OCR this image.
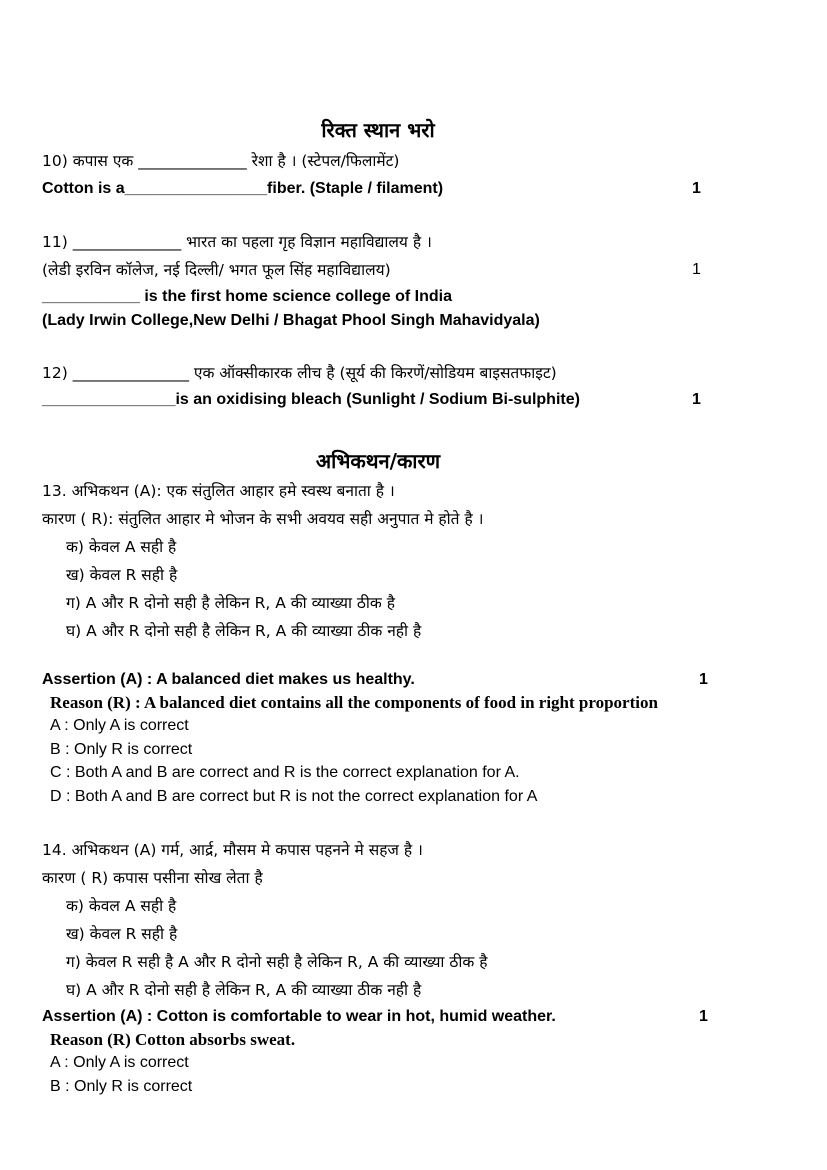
रिक्त स्थान भरो
10) कपास एक ______________ रेशा है । (स्टेपल/फिलामेंट)
Cotton is a________________fiber. (Staple / filament)	1
11) ______________ भारत का पहला गृह विज्ञान महाविद्यालय है ।
(लेडी इरविन कॉलेज, नई दिल्ली/ भगत फूल सिंह महाविद्यालय)	1
___________ is the first home science college of India
(Lady Irwin College,New Delhi / Bhagat Phool Singh Mahavidyala)
12) _______________ एक ऑक्सीकारक लीच है (सूर्य की किरणें/सोडियम बाइसतफाइट)
_______________is an oxidising bleach (Sunlight / Sodium Bi-sulphite)	1
अभिकथन/कारण
13. अभिकथन (A): एक संतुलित आहार हमे स्वस्थ बनाता है ।
कारण ( R): संतुलित आहार मे भोजन के सभी अवयव सही अनुपात मे होते है ।
क) केवल A सही है
ख) केवल R सही है
ग) A और R दोनो सही है लेकिन R, A की व्याख्या ठीक है
घ) A और R दोनो सही है लेकिन R, A की व्याख्या ठीक नही है
Assertion (A) : A balanced diet makes us healthy.	1
Reason (R) : A balanced diet contains all the components of food in right proportion
A : Only A is correct
B : Only R is correct
C : Both A and B are correct and R is the correct explanation for A.
D : Both A and B are correct but R is not the correct explanation for A
14. अभिकथन (A) गर्म, आर्द्र, मौसम मे कपास पहनने मे सहज है ।
कारण ( R) कपास पसीना सोख लेता है
क) केवल A सही है
ख) केवल R सही है
ग) केवल R सही है A और R दोनो सही है लेकिन R, A की व्याख्या ठीक है
घ) A और R दोनो सही है लेकिन R, A की व्याख्या ठीक नही है
Assertion (A) : Cotton is comfortable to wear in hot, humid weather.	1
Reason (R) Cotton absorbs sweat.
A : Only A is correct
B : Only R is correct
